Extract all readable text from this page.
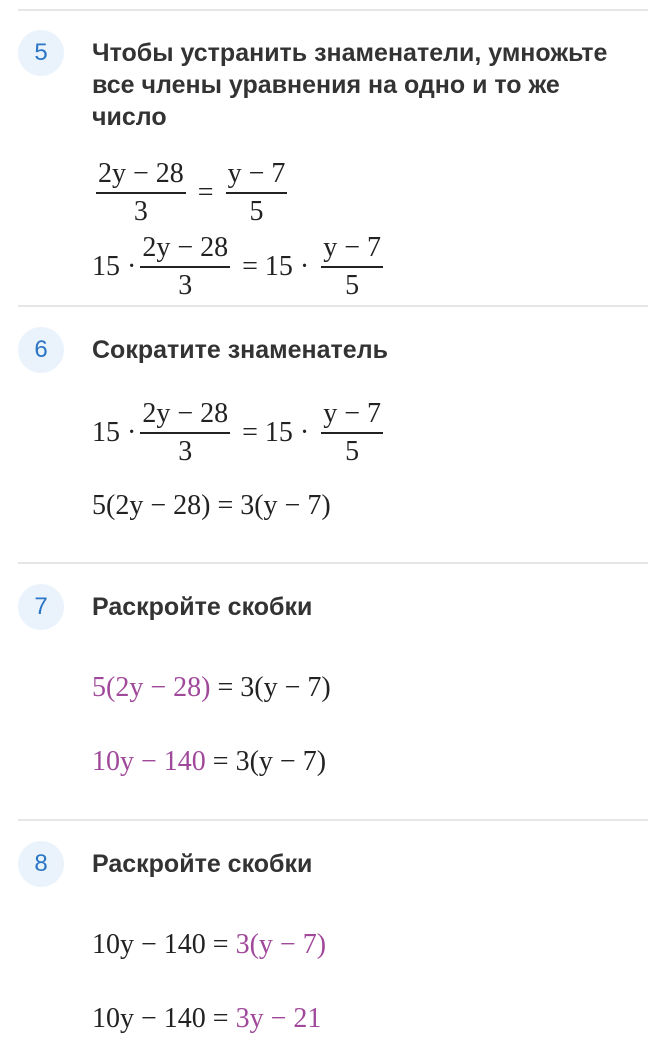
5	Чтобы устранить знаменатели, умножьте все члены уравнения на одно и то же число
$\frac{2y - 28}{3} = \frac{y - 7}{5}$
$15 \cdot \frac{2y - 28}{3} = 15 \cdot \frac{y - 7}{5}$
6	Сократите знаменатель
$15 \cdot \frac{2y - 28}{3} = 15 \cdot \frac{y - 7}{5}$
5(2y − 28) = 3(y − 7)
7	Раскройте скобки
5(2y − 28) = 3(y − 7)
10y − 140 = 3(y − 7)
8	Раскройте скобки
10y − 140 = 3(y − 7)
10y − 140 = 3y − 21
